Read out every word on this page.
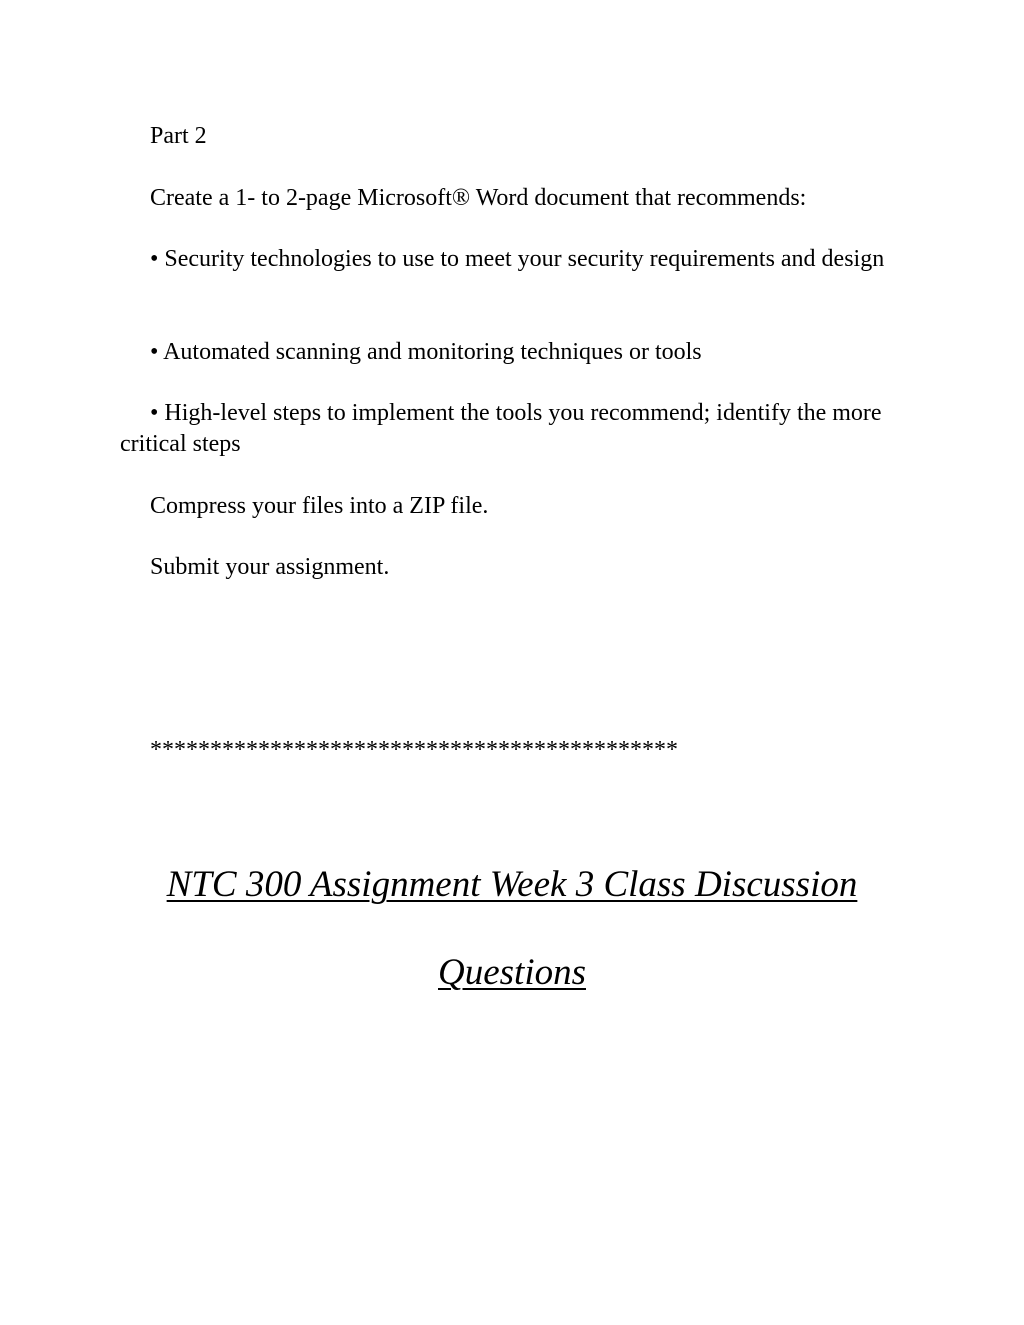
Part 2

Create a 1- to 2-page Microsoft® Word document that recommends:

• Security technologies to use to meet your security requirements and design

• Automated scanning and monitoring techniques or tools

• High-level steps to implement the tools you recommend; identify the more critical steps

Compress your files into a ZIP file.

Submit your assignment.

********************************************

NTC 300 Assignment Week 3 Class Discussion

Questions
